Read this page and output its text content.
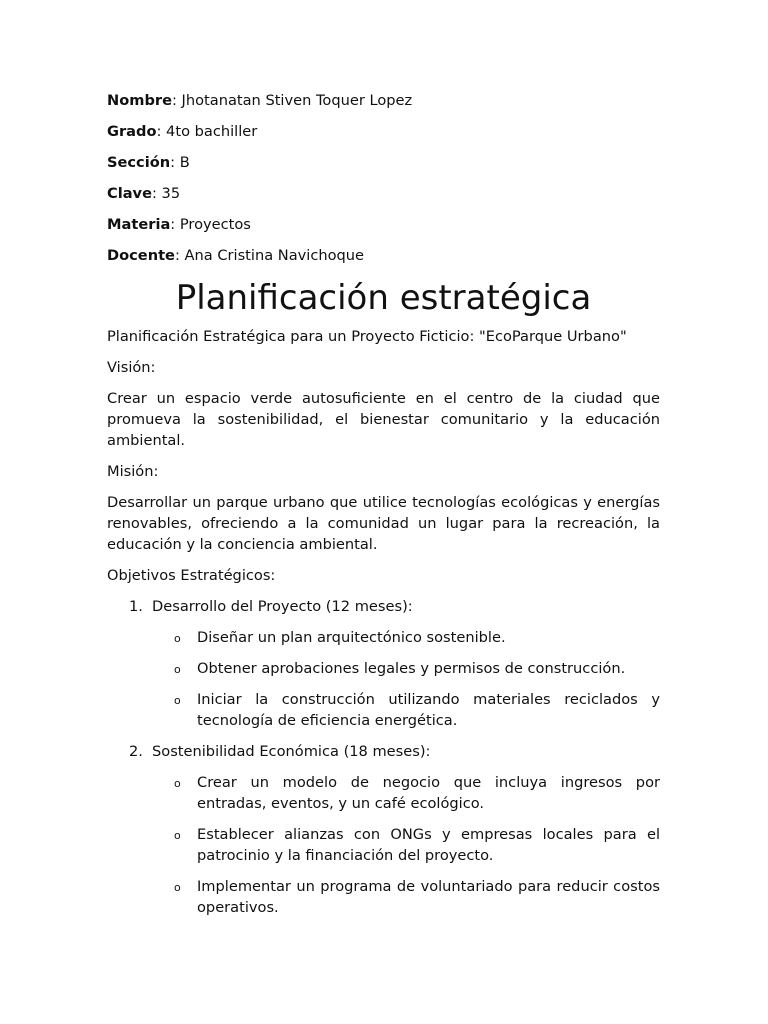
Nombre: Jhotanatan Stiven Toquer Lopez
Grado: 4to bachiller
Sección: B
Clave: 35
Materia: Proyectos
Docente: Ana Cristina Navichoque
Planificación estratégica

Planificación Estratégica para un Proyecto Ficticio: "EcoParque Urbano"

Visión:

Crear un espacio verde autosuficiente en el centro de la ciudad que promueva la sostenibilidad, el bienestar comunitario y la educación ambiental.

Misión:

Desarrollar un parque urbano que utilice tecnologías ecológicas y energías renovables, ofreciendo a la comunidad un lugar para la recreación, la educación y la conciencia ambiental.

Objetivos Estratégicos:

1. Desarrollo del Proyecto (12 meses):
o Diseñar un plan arquitectónico sostenible.
o Obtener aprobaciones legales y permisos de construcción.
o Iniciar la construcción utilizando materiales reciclados y tecnología de eficiencia energética.
2. Sostenibilidad Económica (18 meses):
o Crear un modelo de negocio que incluya ingresos por entradas, eventos, y un café ecológico.
o Establecer alianzas con ONGs y empresas locales para el patrocinio y la financiación del proyecto.
o Implementar un programa de voluntariado para reducir costos operativos.
